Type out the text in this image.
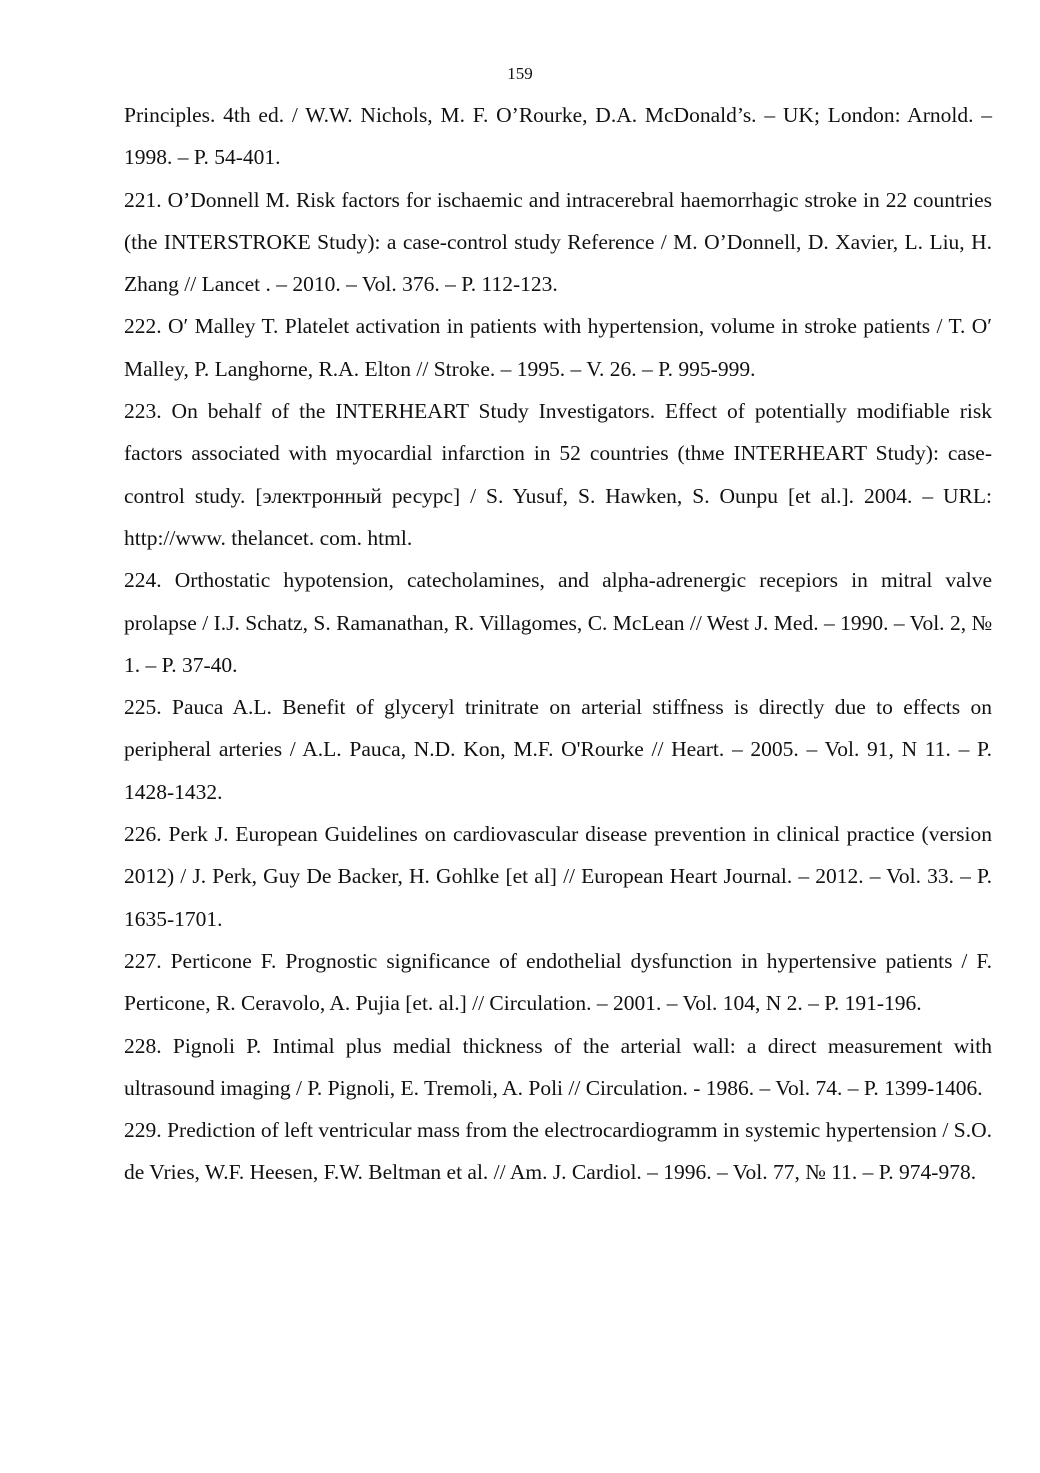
159

Principles. 4th ed. / W.W. Nichols, M. F. O’Rourke, D.A. McDonald’s. – UK; London: Arnold. – 1998. – P. 54-401.

221. O’Donnell M. Risk factors for ischaemic and intracerebral haemorrhagic stroke in 22 countries (the INTERSTROKE Study): a case-control study Reference / M. O’Donnell, D. Xavier, L. Liu, H. Zhang // Lancet . – 2010. – Vol. 376. – P. 112-123.

222. O′ Malley T. Platelet activation in patients with hypertension, volume in stroke patients / T. O′ Malley, P. Langhorne, R.A. Elton // Stroke. – 1995. – V. 26. – P. 995-999.

223. On behalf of the INTERHEART Study Investigators. Effect of potentially modifiable risk factors associated with myocardial infarction in 52 countries (thме INTERHEART Study): case-control study. [электронный ресурс] / S. Yusuf, S. Hawken, S. Ounpu [et al.]. 2004. – URL: http://www. thelancet. com. html.

224. Orthostatic hypotension, catecholamines, and alpha-adrenergic recepiors in mitral valve prolapse / I.J. Schatz, S. Ramanathan, R. Villagomes, C. McLean // West J. Med. – 1990. – Vol. 2, № 1. – P. 37-40.

225. Pauca A.L. Benefit of glyceryl trinitrate on arterial stiffness is directly due to effects on peripheral arteries / A.L. Pauca, N.D. Kon, M.F. O'Rourke // Heart. – 2005. – Vol. 91, N 11. – P. 1428-1432.

226. Perk J. European Guidelines on cardiovascular disease prevention in clinical practice (version 2012) / J. Perk, Guy De Backer, H. Gohlke [et al] // European Heart Journal. – 2012. – Vol. 33. – P. 1635-1701.

227. Perticone F. Prognostic significance of endothelial dysfunction in hypertensive patients / F. Perticone, R. Ceravolo, A. Pujia [et. al.] // Circulation. – 2001. – Vol. 104, N 2. – P. 191-196.

228. Pignoli P. Intimal plus medial thickness of the arterial wall: a direct measurement with ultrasound imaging / P. Pignoli, E. Tremoli, A. Poli // Circulation. - 1986. – Vol. 74. – P. 1399-1406.

229. Prediction of left ventricular mass from the electrocardiogramm in systemic hypertension / S.O. de Vries, W.F. Heesen, F.W. Beltman et al. // Am. J. Cardiol. – 1996. – Vol. 77, № 11. – P. 974-978.
